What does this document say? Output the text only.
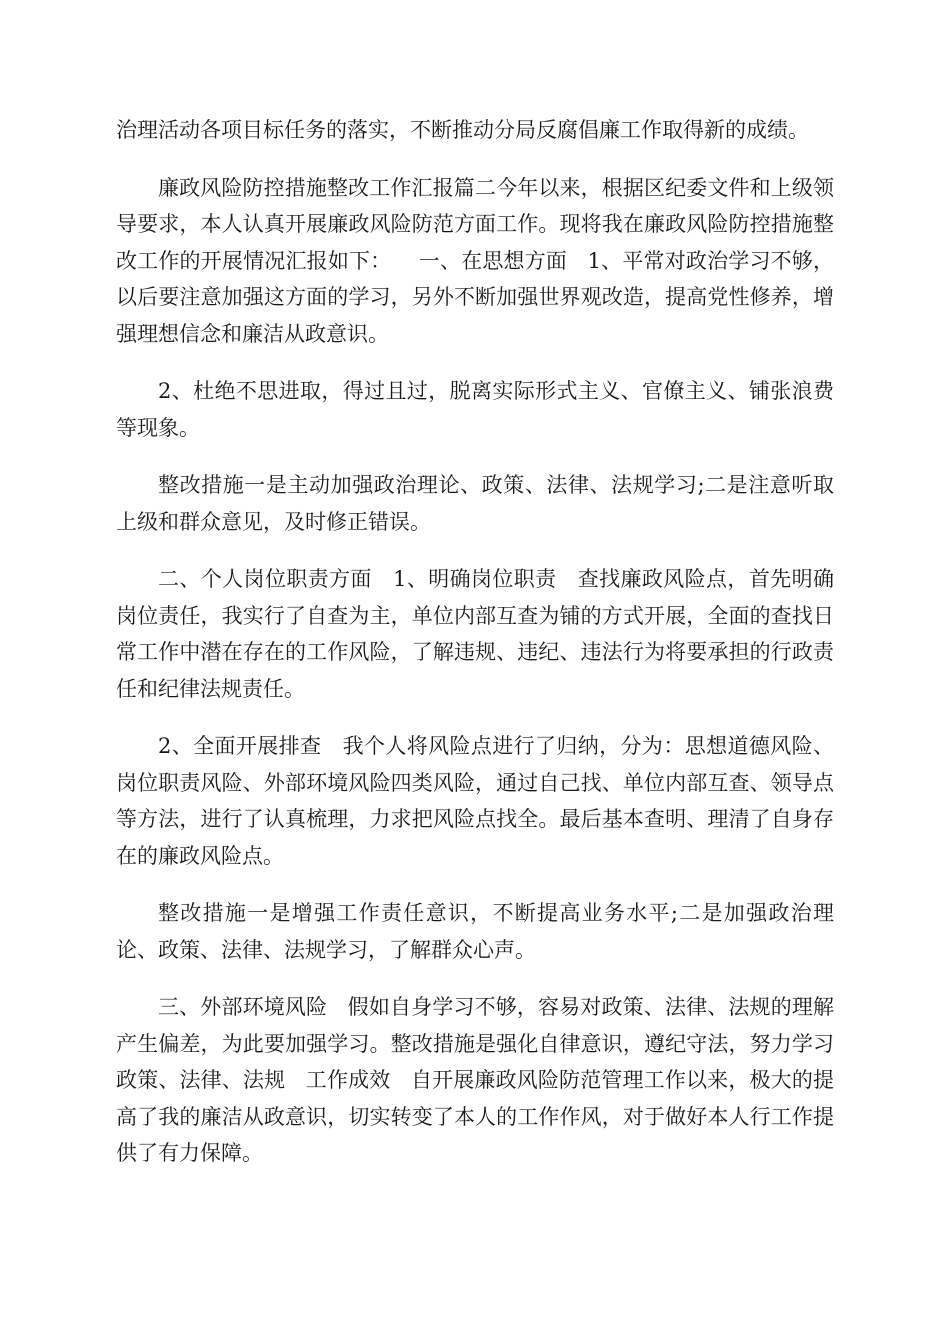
治理活动各项目标任务的落实，不断推动分局反腐倡廉工作取得新的成绩。

廉政风险防控措施整改工作汇报篇二今年以来，根据区纪委文件和上级领导要求，本人认真开展廉政风险防范方面工作。现将我在廉政风险防控措施整改工作的开展情况汇报如下：    一、在思想方面   1、平常对政治学习不够，以后要注意加强这方面的学习，另外不断加强世界观改造，提高党性修养，增强理想信念和廉洁从政意识。

2、杜绝不思进取，得过且过，脱离实际形式主义、官僚主义、铺张浪费等现象。

整改措施一是主动加强政治理论、政策、法律、法规学习;二是注意听取上级和群众意见，及时修正错误。

二、个人岗位职责方面   1、明确岗位职责   查找廉政风险点，首先明确岗位责任，我实行了自查为主，单位内部互查为铺的方式开展，全面的查找日常工作中潜在存在的工作风险，了解违规、违纪、违法行为将要承担的行政责任和纪律法规责任。

2、全面开展排查   我个人将风险点进行了归纳，分为：思想道德风险、岗位职责风险、外部环境风险四类风险，通过自己找、单位内部互查、领导点等方法，进行了认真梳理，力求把风险点找全。最后基本查明、理清了自身存在的廉政风险点。

整改措施一是增强工作责任意识，不断提高业务水平;二是加强政治理论、政策、法律、法规学习，了解群众心声。

三、外部环境风险   假如自身学习不够，容易对政策、法律、法规的理解产生偏差，为此要加强学习。整改措施是强化自律意识，遵纪守法，努力学习政策、法律、法规   工作成效   自开展廉政风险防范管理工作以来，极大的提高了我的廉洁从政意识，切实转变了本人的工作作风，对于做好本人行工作提供了有力保障。
